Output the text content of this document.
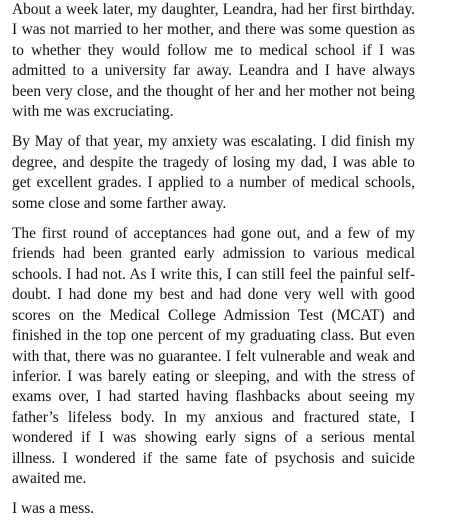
About a week later, my daughter, Leandra, had her first birthday. I was not married to her mother, and there was some question as to whether they would follow me to medical school if I was admitted to a university far away. Leandra and I have always been very close, and the thought of her and her mother not being with me was excruciating.

By May of that year, my anxiety was escalating. I did finish my degree, and despite the tragedy of losing my dad, I was able to get excellent grades. I applied to a number of medical schools, some close and some farther away.

The first round of acceptances had gone out, and a few of my friends had been granted early admission to various medical schools. I had not. As I write this, I can still feel the painful self-doubt. I had done my best and had done very well with good scores on the Medical College Admission Test (MCAT) and finished in the top one percent of my graduating class. But even with that, there was no guarantee. I felt vulnerable and weak and inferior. I was barely eating or sleeping, and with the stress of exams over, I had started having flashbacks about seeing my father’s lifeless body. In my anxious and fractured state, I wondered if I was showing early signs of a serious mental illness. I wondered if the same fate of psychosis and suicide awaited me.

I was a mess.
